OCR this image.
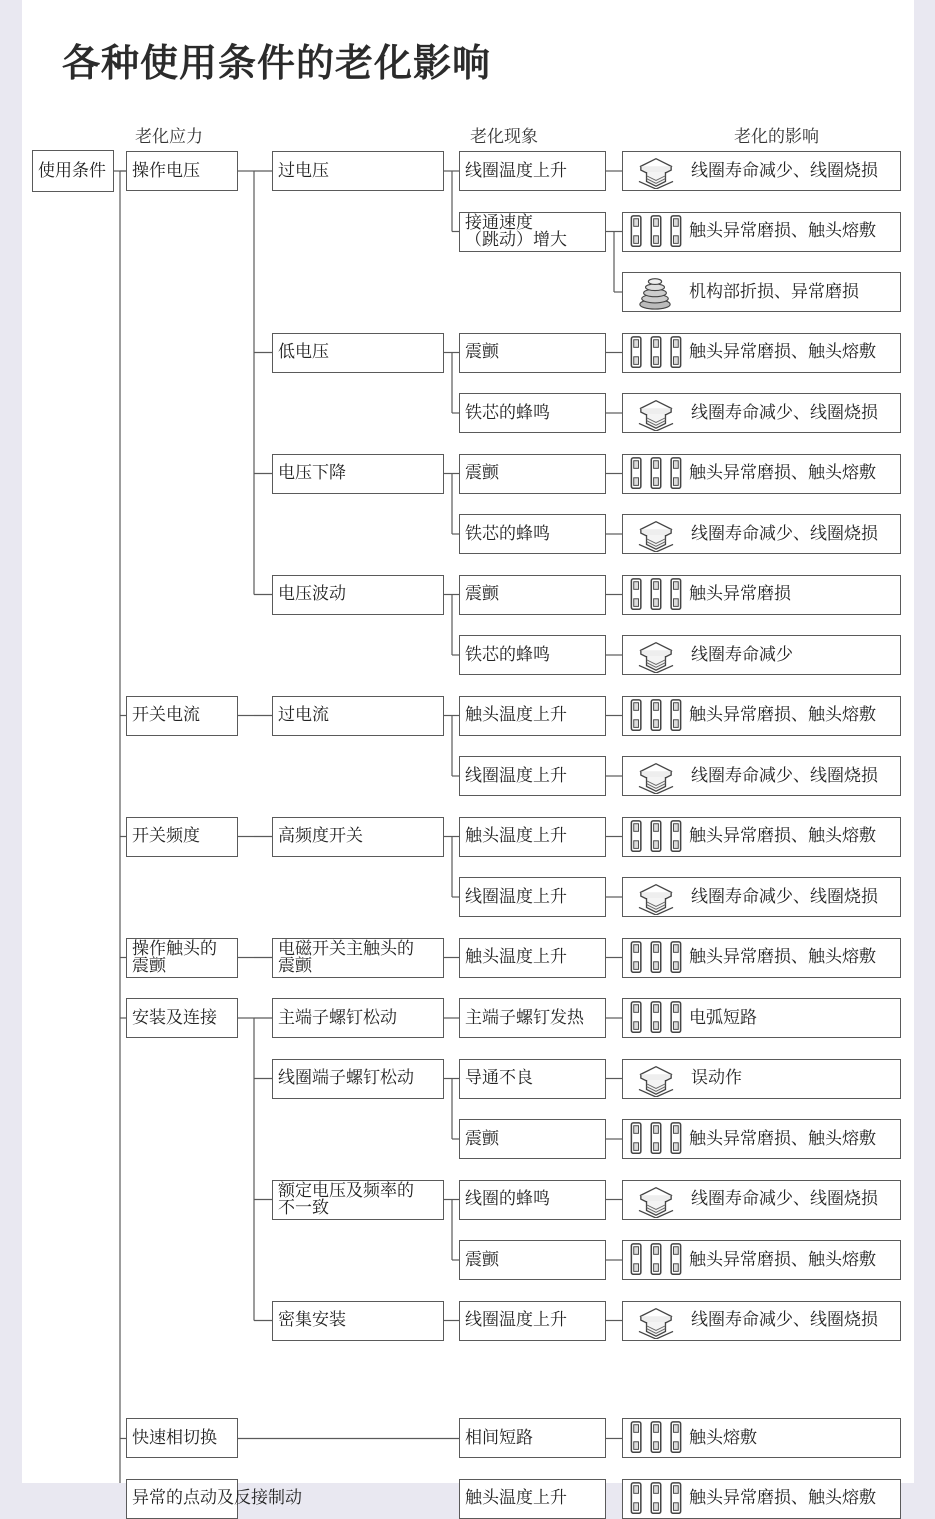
各种使用条件的老化影响
老化应力	老化现象	老化的影响
使用条件 操作电压
开关电流
开关频度
操作触头的
震颤
安装及连接
快速相切换
异常的点动及反接制动
过电压
低电压
电压下降
电压波动
过电流
高频度开关
电磁开关主触头的
震颤
主端子螺钉松动
线圈端子螺钉松动
额定电压及频率的
不一致
密集安装
线圈温度上升
接通速度
（跳动）增大
震颤
铁芯的蜂鸣
震颤
铁芯的蜂鸣
震颤
铁芯的蜂鸣
触头温度上升
线圈温度上升
触头温度上升
线圈温度上升
触头温度上升
主端子螺钉发热
导通不良
震颤
线圈的蜂鸣
震颤
线圈温度上升
相间短路
触头温度上升
线圈寿命减少、线圈烧损
触头异常磨损、触头熔敷
机构部折损、异常磨损
触头异常磨损、触头熔敷
线圈寿命减少、线圈烧损
触头异常磨损、触头熔敷
线圈寿命减少、线圈烧损
触头异常磨损
线圈寿命减少
触头异常磨损、触头熔敷
线圈寿命减少、线圈烧损
触头异常磨损、触头熔敷
线圈寿命减少、线圈烧损
触头异常磨损、触头熔敷
电弧短路
误动作
触头异常磨损、触头熔敷
线圈寿命减少、线圈烧损
触头异常磨损、触头熔敷
线圈寿命减少、线圈烧损
触头熔敷
触头异常磨损、触头熔敷
